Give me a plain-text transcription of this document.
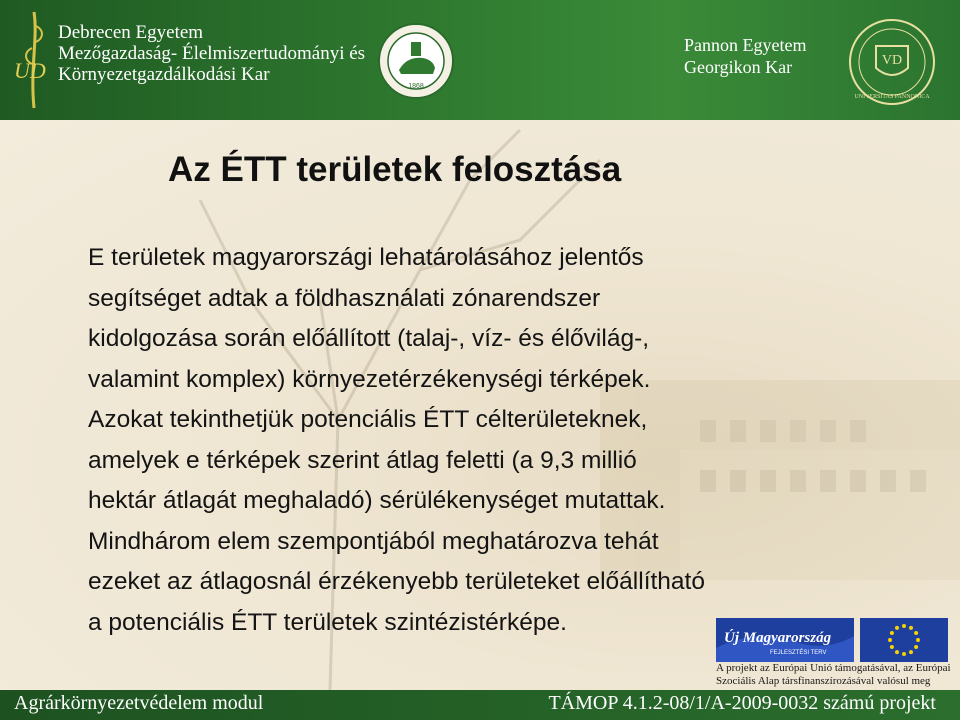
UD
Debrecen Egyetem
Mezőgazdaság- Élelmiszertudományi és
Környezetgazdálkodási Kar
1868
Pannon Egyetem
Georgikon Kar	VD
UNIVERSITAS PANNONICA
Az ÉTT területek felosztása

E területek magyarországi lehatárolásához jelentős
segítséget adtak a földhasználati zónarendszer
kidolgozása során előállított (talaj-, víz- és élővilág-,
valamint komplex) környezetérzékenységi térképek.
Azokat tekinthetjük potenciális ÉTT célterületeknek,
amelyek e térképek szerint átlag feletti (a 9,3 millió
hektár átlagát meghaladó) sérülékenységet mutattak.
Mindhárom elem szempontjából meghatározva tehát
ezeket az átlagosnál érzékenyebb területeket előállítható
a potenciális ÉTT területek szintézistérképe.

Új Magyarország
FEJLESZTÉSI TERV
A projekt az Európai Unió támogatásával, az Európai
Szociális Alap társfinanszírozásával valósul meg
Agrárkörnyezetvédelem modul	TÁMOP 4.1.2-08/1/A-2009-0032 számú projekt
